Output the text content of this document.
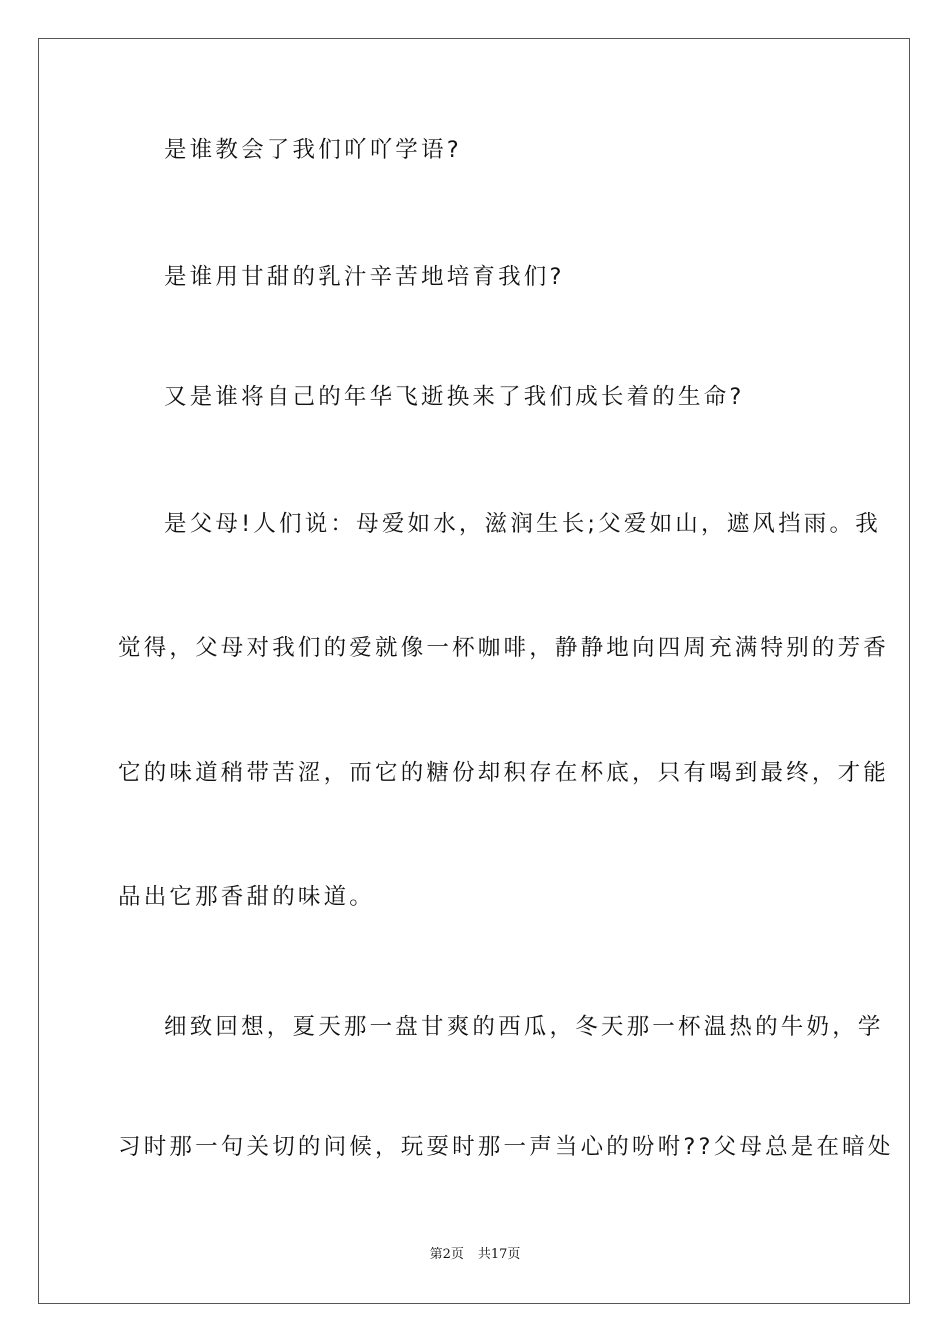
是谁教会了我们吖吖学语?
是谁用甘甜的乳汁辛苦地培育我们?
又是谁将自己的年华飞逝换来了我们成长着的生命?
是父母!人们说：母爱如水，滋润生长;父爱如山，遮风挡雨。我
觉得，父母对我们的爱就像一杯咖啡，静静地向四周充满特别的芳香
它的味道稍带苦涩，而它的糖份却积存在杯底，只有喝到最终，才能
品出它那香甜的味道。
细致回想，夏天那一盘甘爽的西瓜，冬天那一杯温热的牛奶，学
习时那一句关切的问候，玩耍时那一声当心的吩咐??父母总是在暗处
第2页 共17页
